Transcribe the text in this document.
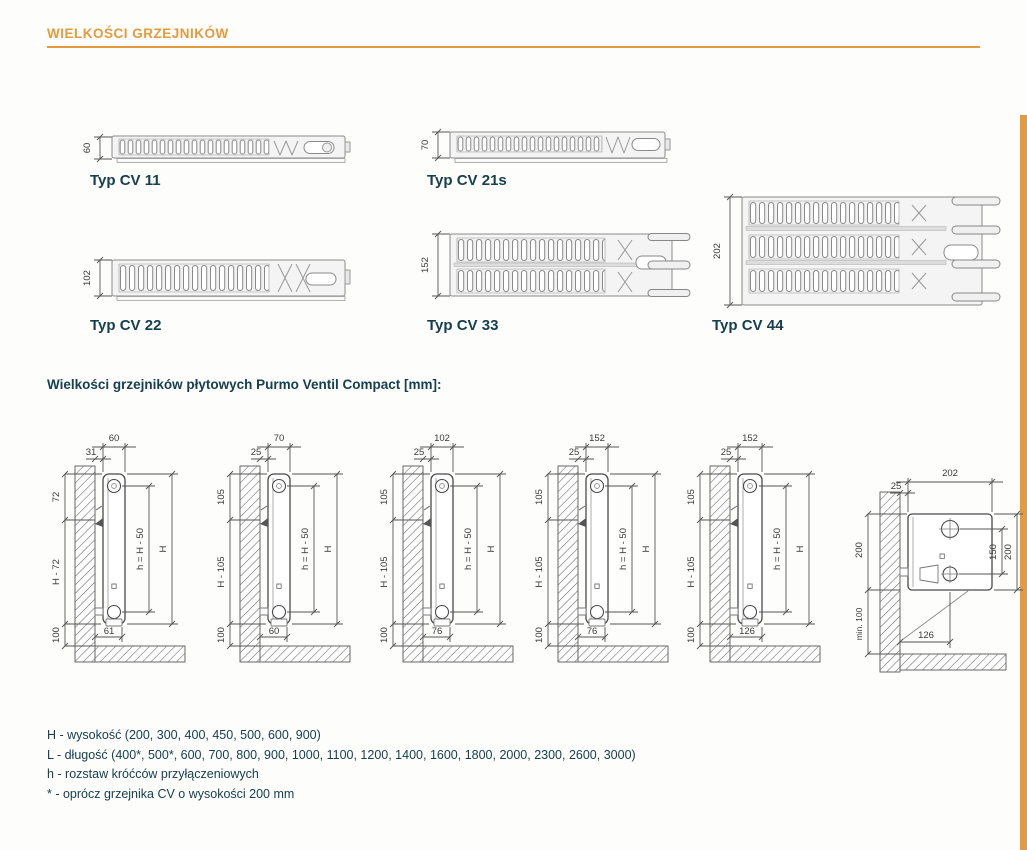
WIELKOŚCI GRZEJNIKÓW
60
Typ CV 11
70
Typ CV 21s
102
Typ CV 22
152
Typ CV 33
202
Typ CV 44
Wielkości grzejników płytowych Purmo Ventil Compact [mm]:
60
31
72
H - 72
100
h = H - 50 H
61
70
25
105
H - 105
100
h = H - 50 H
60
102
25
105
H - 105
100
h = H - 50 H
76
152
25
105
H - 105
100
h = H - 50 H
76
152
25
105
H - 105
100
h = H - 50 H
126
202
25
200
min. 100
150 200
126

H - wysokość (200, 300, 400, 450, 500, 600, 900)

L - długość (400*, 500*, 600, 700, 800, 900, 1000, 1100, 1200, 1400, 1600, 1800, 2000, 2300, 2600, 3000)

h - rozstaw króćców przyłączeniowych

* - oprócz grzejnika CV o wysokości 200 mm
